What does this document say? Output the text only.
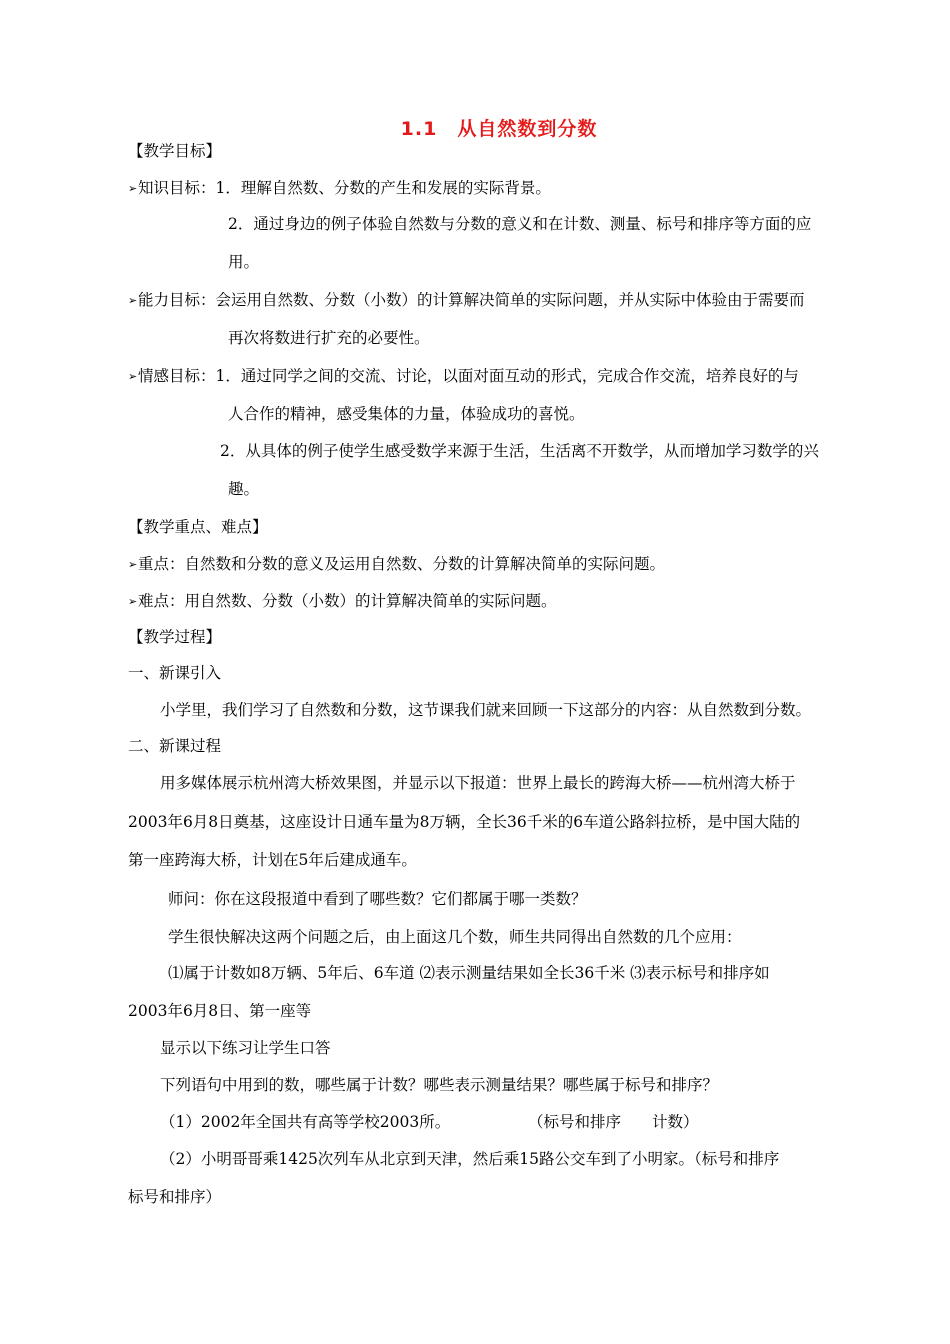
1.1　从自然数到分数
【教学目标】
➢知识目标：1．理解自然数、分数的产生和发展的实际背景。
2．通过身边的例子体验自然数与分数的意义和在计数、测量、标号和排序等方面的应
用。
➢能力目标：会运用自然数、分数（小数）的计算解决简单的实际问题，并从实际中体验由于需要而
再次将数进行扩充的必要性。
➢情感目标：1．通过同学之间的交流、讨论，以面对面互动的形式，完成合作交流，培养良好的与
人合作的精神，感受集体的力量，体验成功的喜悦。
2．从具体的例子使学生感受数学来源于生活，生活离不开数学，从而增加学习数学的兴
趣。
【教学重点、难点】
➢重点：自然数和分数的意义及运用自然数、分数的计算解决简单的实际问题。
➢难点：用自然数、分数（小数）的计算解决简单的实际问题。
【教学过程】
一、新课引入
小学里，我们学习了自然数和分数，这节课我们就来回顾一下这部分的内容：从自然数到分数。
二、新课过程
用多媒体展示杭州湾大桥效果图，并显示以下报道：世界上最长的跨海大桥——杭州湾大桥于
2003年6月8日奠基，这座设计日通车量为8万辆，全长36千米的6车道公路斜拉桥，是中国大陆的
第一座跨海大桥，计划在5年后建成通车。
师问：你在这段报道中看到了哪些数？它们都属于哪一类数？
学生很快解决这两个问题之后，由上面这几个数，师生共同得出自然数的几个应用：
⑴属于计数如8万辆、5年后、6车道 ⑵表示测量结果如全长36千米 ⑶表示标号和排序如
2003年6月8日、第一座等
显示以下练习让学生口答
下列语句中用到的数，哪些属于计数？哪些表示测量结果？哪些属于标号和排序？
（1）2002年全国共有高等学校2003所。	（标号和排序　　计数）
（2）小明哥哥乘1425次列车从北京到天津，然后乘15路公交车到了小明家。（标号和排序
标号和排序）
